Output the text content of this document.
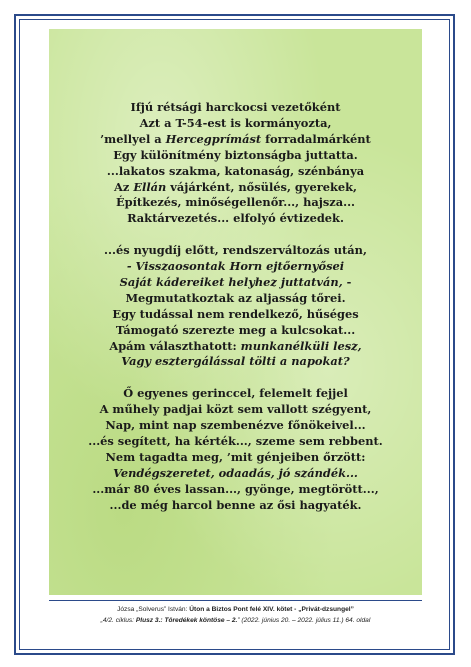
Ifjú rétsági harckocsi vezetőként
Azt a T-54-est is kormányozta,
’mellyel a Hercegprímást forradalmárként
Egy különítmény biztonságba juttatta.
...lakatos szakma, katonaság, szénbánya
Az Ellán vájárként, nősülés, gyerekek,
Építkezés, minőségellenőr..., hajsza...
Raktárvezetés... elfolyó évtizedek.
...és nyugdíj előtt, rendszerváltozás után,
- Visszaosontak Horn ejtőernyősei
Saját kádereiket helyhez juttatván, -
Megmutatkoztak az aljasság tőrei.
Egy tudással nem rendelkező, hűséges
Támogató szerezte meg a kulcsokat...
Apám választhatott: munkanélküli lesz,
Vagy esztergálással tölti a napokat?
Ő egyenes gerinccel, felemelt fejjel
A műhely padjai közt sem vallott szégyent,
Nap, mint nap szembenézve főnökeivel...
...és segített, ha kérték..., szeme sem rebbent.
Nem tagadta meg, ’mit génjeiben őrzött:
Vendégszeretet, odaadás, jó szándék...
...már 80 éves lassan..., gyönge, megtörött...,
...de még harcol benne az ősi hagyaték.
Józsa „Solverus” István: Úton a Biztos Pont felé XIV. kötet - „Privát-dzsungel”
„4/2. ciklus: Plusz 3.: Töredékek köntöse – 2.” (2022. június 20. – 2022. július 11.) 64. oldal
